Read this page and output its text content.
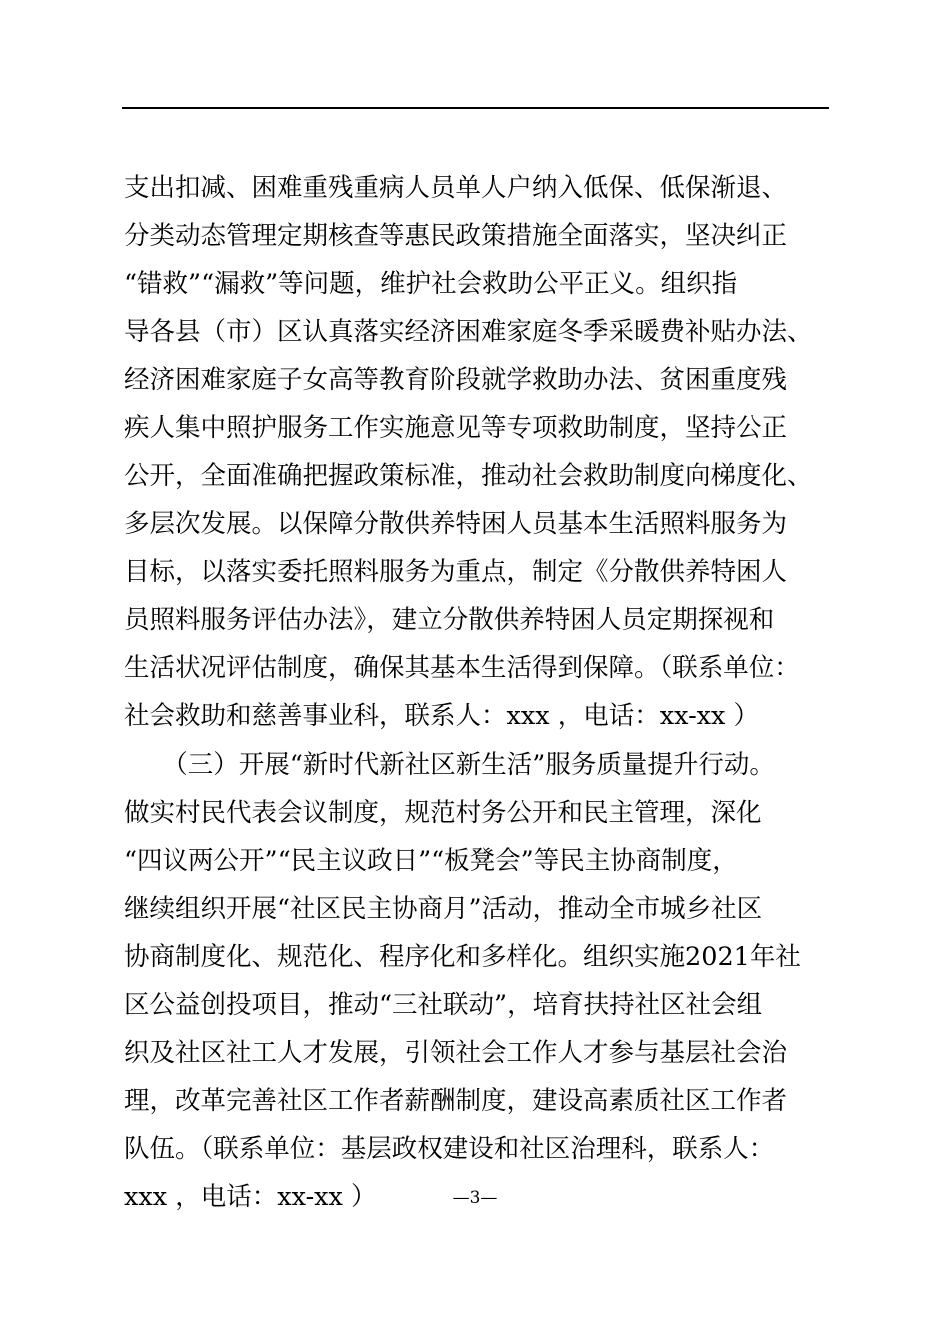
支出扣减、困难重残重病人员单人户纳入低保、低保渐退、
分类动态管理定期核查等惠民政策措施全面落实，坚决纠正
“错救”“漏救”等问题，维护社会救助公平正义。组织指
导各县（市）区认真落实经济困难家庭冬季采暖费补贴办法、
经济困难家庭子女高等教育阶段就学救助办法、贫困重度残
疾人集中照护服务工作实施意见等专项救助制度，坚持公正
公开，全面准确把握政策标准，推动社会救助制度向梯度化、
多层次发展。以保障分散供养特困人员基本生活照料服务为
目标，以落实委托照料服务为重点，制定《分散供养特困人
员照料服务评估办法》，建立分散供养特困人员定期探视和
生活状况评估制度，确保其基本生活得到保障。（联系单位：
社会救助和慈善事业科，联系人：xxx ，电话：xx-xx ）
　　（三）开展“新时代新社区新生活”服务质量提升行动。
做实村民代表会议制度，规范村务公开和民主管理，深化
“四议两公开”“民主议政日”“板凳会”等民主协商制度，
继续组织开展“社区民主协商月”活动，推动全市城乡社区
协商制度化、规范化、程序化和多样化。组织实施2021年社
区公益创投项目，推动“三社联动”，培育扶持社区社会组
织及社区社工人才发展，引领社会工作人才参与基层社会治
理，改革完善社区工作者薪酬制度，建设高素质社区工作者
队伍。（联系单位：基层政权建设和社区治理科，联系人：
xxx ，电话：xx-xx ）	—3—
